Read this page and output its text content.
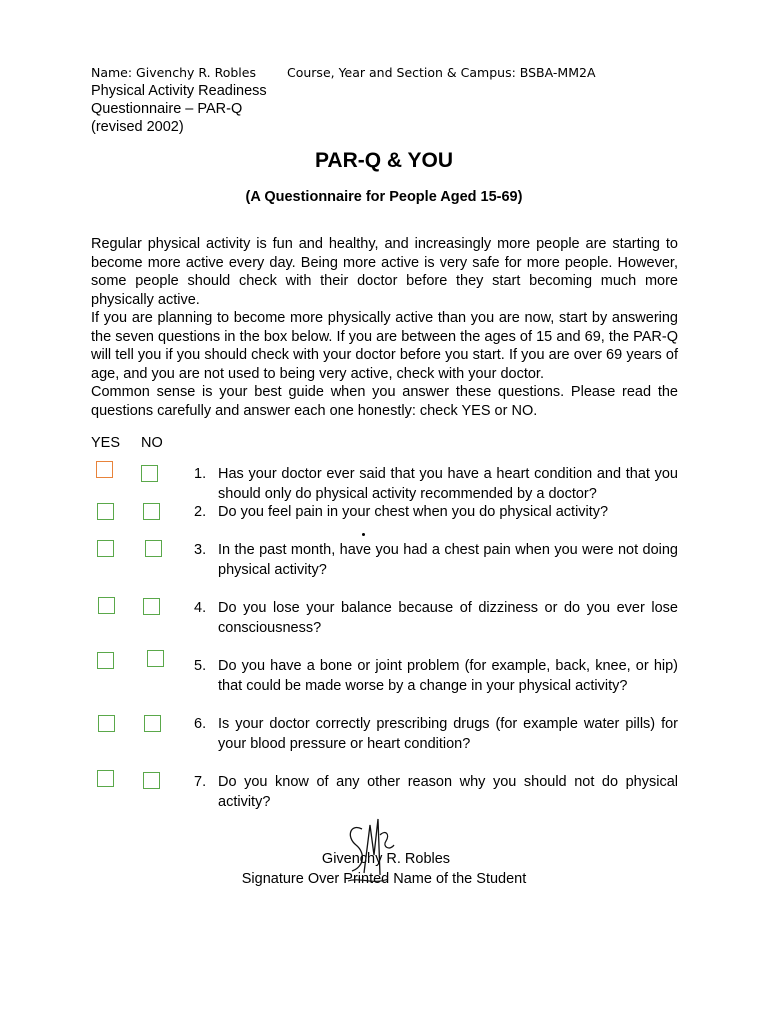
Name: Givenchy R. Robles Course, Year and Section & Campus: BSBA-MM2A
Physical Activity Readiness
Questionnaire – PAR-Q
(revised 2002)
PAR-Q & YOU
(A Questionnaire for People Aged 15-69)

Regular physical activity is fun and healthy, and increasingly more people are starting to become more active every day. Being more active is very safe for more people. However, some people should check with their doctor before they start becoming much more physically active.

If you are planning to become more physically active than you are now, start by answering the seven questions in the box below. If you are between the ages of 15 and 69, the PAR-Q will tell you if you should check with your doctor before you start. If you are over 69 years of age, and you are not used to being very active, check with your doctor.

Common sense is your best guide when you answer these questions. Please read the questions carefully and answer each one honestly: check YES or NO.

YES NO
1. Has your doctor ever said that you have a heart condition and that you should only do physical activity recommended by a doctor?
2. Do you feel pain in your chest when you do physical activity?
3. In the past month, have you had a chest pain when you were not doing physical activity?
4. Do you lose your balance because of dizziness or do you ever lose consciousness?
5. Do you have a bone or joint problem (for example, back, knee, or hip) that could be made worse by a change in your physical activity?
6. Is your doctor correctly prescribing drugs (for example water pills) for your blood pressure or heart condition?
7. Do you know of any other reason why you should not do physical activity?
Givenchy R. Robles
Signature Over Printed Name of the Student
